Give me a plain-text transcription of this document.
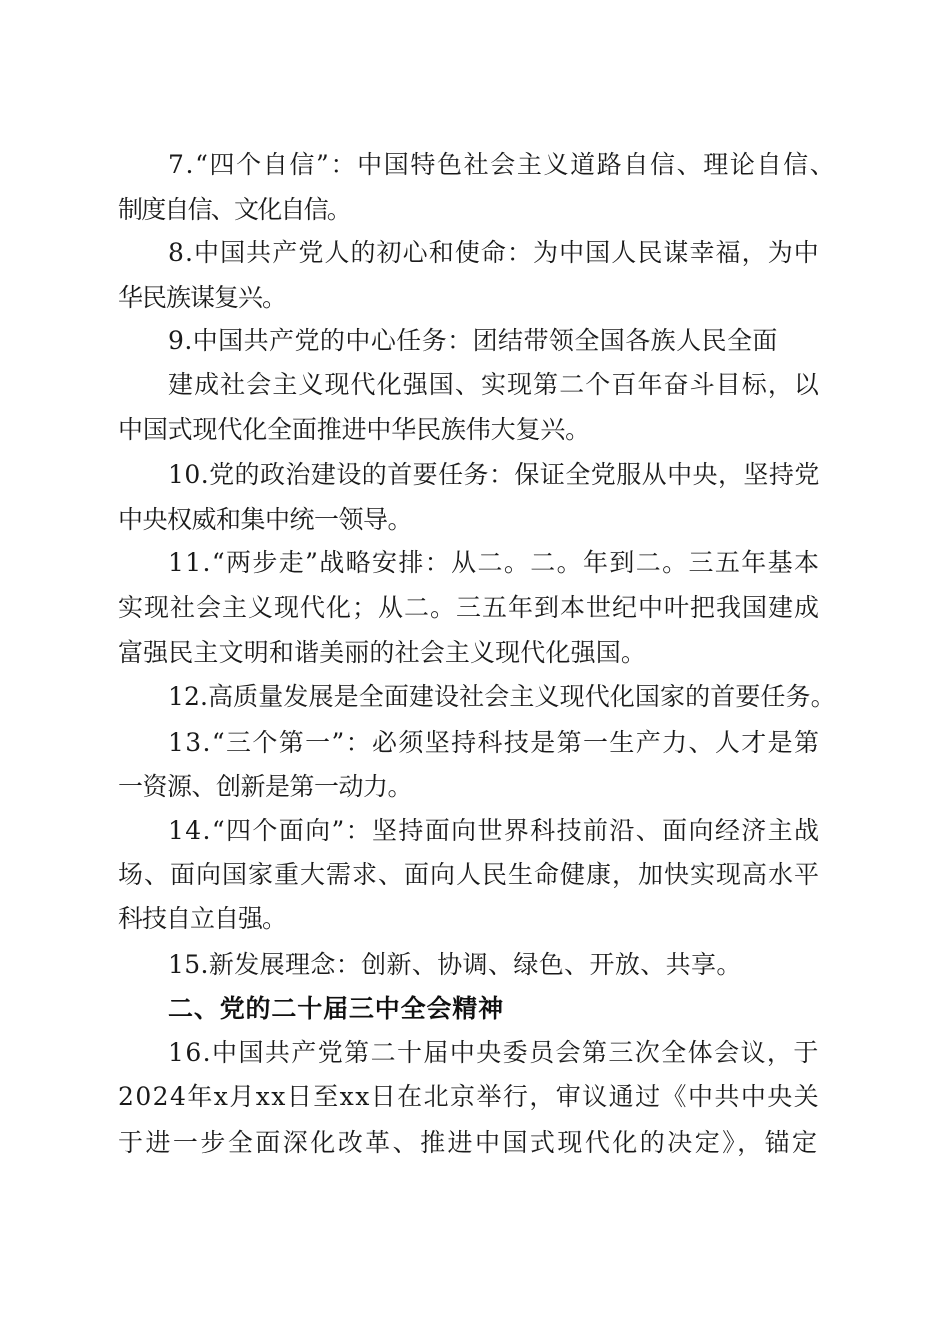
7.“四个自信”：中国特色社会主义道路自信、理论自信、
制度自信、文化自信。
8.中国共产党人的初心和使命：为中国人民谋幸福，为中
华民族谋复兴。
9.中国共产党的中心任务：团结带领全国各族人民全面
建成社会主义现代化强国、实现第二个百年奋斗目标，以
中国式现代化全面推进中华民族伟大复兴。
10.党的政治建设的首要任务：保证全党服从中央，坚持党
中央权威和集中统一领导。
11.“两步走”战略安排：从二。二。年到二。三五年基本
实现社会主义现代化；从二。三五年到本世纪中叶把我国建成
富强民主文明和谐美丽的社会主义现代化强国。
12.高质量发展是全面建设社会主义现代化国家的首要任务。
13.“三个第一”：必须坚持科技是第一生产力、人才是第
一资源、创新是第一动力。
14.“四个面向”：坚持面向世界科技前沿、面向经济主战
场、面向国家重大需求、面向人民生命健康，加快实现高水平
科技自立自强。
15.新发展理念：创新、协调、绿色、开放、共享。
二、党的二十届三中全会精神
16.中国共产党第二十届中央委员会第三次全体会议，于
2024年x月xx日至xx日在北京举行，审议通过《中共中央关
于进一步全面深化改革、推进中国式现代化的决定》，锚定
